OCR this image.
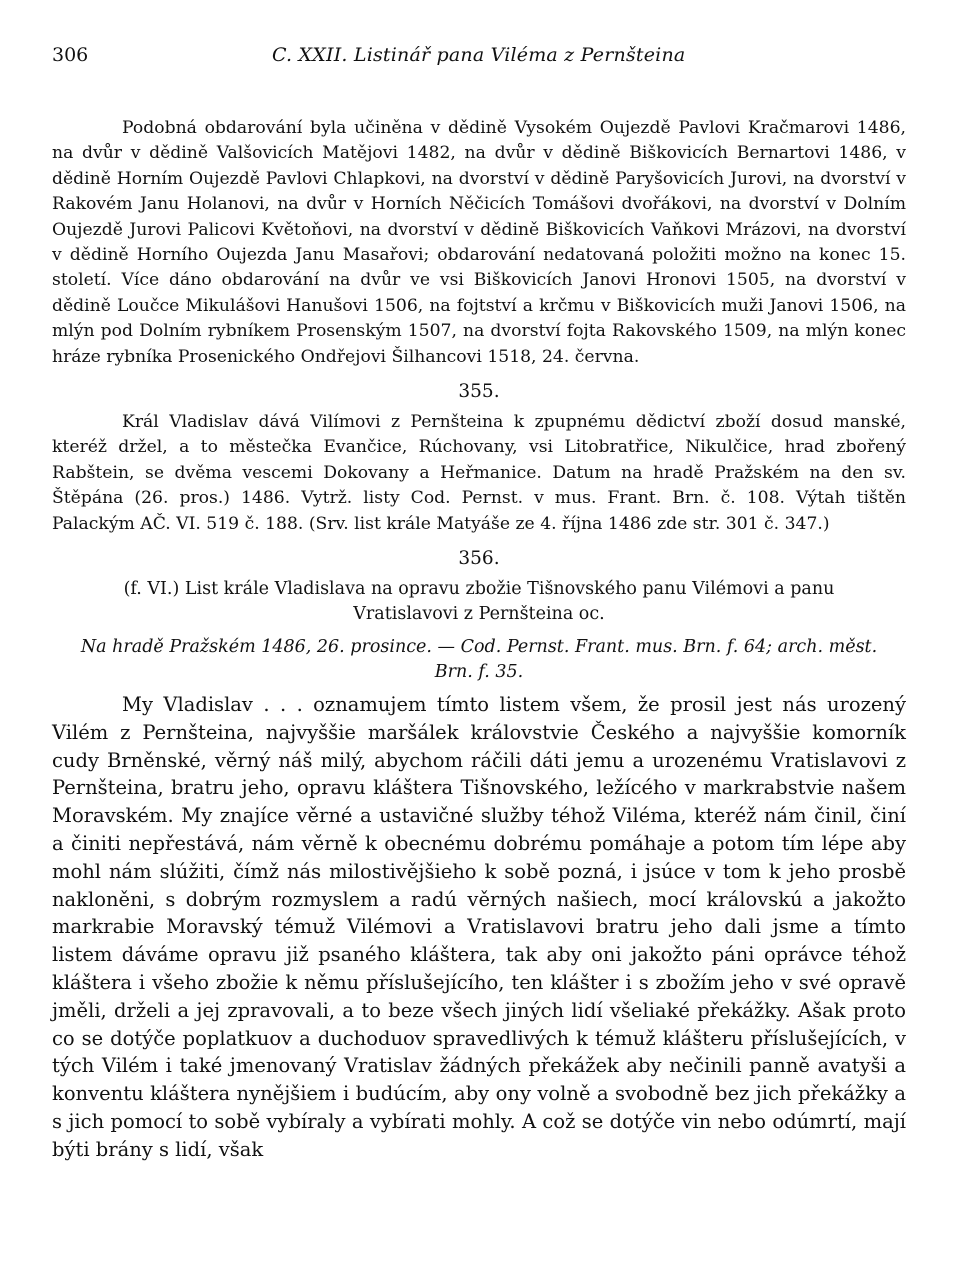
306	C. XXII. Listinář pana Viléma z Pernšteina

Podobná obdarování byla učiněna v dědině Vysokém Oujezdě Pavlovi Kračmarovi 1486, na dvůr v dědině Valšovicích Matějovi 1482, na dvůr v dědině Biškovicích Bernartovi 1486, v dědině Horním Oujezdě Pavlovi Chlapkovi, na dvorství v dědině Paryšovicích Jurovi, na dvorství v Rakovém Janu Holanovi, na dvůr v Horních Něčicích Tomášovi dvořákovi, na dvorství v Dolním Oujezdě Jurovi Palicovi Květoňovi, na dvorství v dědině Biškovicích Vaňkovi Mrázovi, na dvorství v dědině Horního Oujezda Janu Masařovi; obdarování nedatovaná položiti možno na konec 15. století. Více dáno obdarování na dvůr ve vsi Biškovicích Janovi Hronovi 1505, na dvorství v dědině Loučce Mikulášovi Hanušovi 1506, na fojtství a krčmu v Biškovicích muži Janovi 1506, na mlýn pod Dolním rybníkem Prosenským 1507, na dvorství fojta Rakovského 1509, na mlýn konec hráze rybníka Prosenického Ondřejovi Šilhancovi 1518, 24. června.

355.

Král Vladislav dává Vilímovi z Pernšteina k zpupnému dědictví zboží dosud manské, kteréž držel, a to městečka Evančice, Rúchovany, vsi Litobratřice, Nikulčice, hrad zbořený Rabštein, se dvěma vescemi Dokovany a Heřmanice. Datum na hradě Pražském na den sv. Štěpána (26. pros.) 1486. Vytrž. listy Cod. Pernst. v mus. Frant. Brn. č. 108. Výtah tištěn Palackým AČ. VI. 519 č. 188. (Srv. list krále Matyáše ze 4. října 1486 zde str. 301 č. 347.)

356.

(f. VI.) List krále Vladislava na opravu zbožie Tišnovského panu Vilémovi a panu

Vratislavovi z Pernšteina oc.

Na hradě Pražském 1486, 26. prosince. — Cod. Pernst. Frant. mus. Brn. f. 64; arch. měst.

Brn. f. 35.

My Vladislav . . . oznamujem tímto listem všem, že prosil jest nás urozený Vilém z Pernšteina, najvyššie maršálek královstvie Českého a najvyššie komorník cudy Brněnské, věrný náš milý, abychom ráčili dáti jemu a urozenému Vratislavovi z Pernšteina, bratru jeho, opravu kláštera Tišnovského, ležícého v markrabstvie našem Moravském. My znajíce věrné a ustavičné služby téhož Viléma, kteréž nám činil, činí a činiti nepřestává, nám věrně k obecnému dobrému pomáhaje a potom tím lépe aby mohl nám slúžiti, čímž nás milostivějšieho k sobě pozná, i jsúce v tom k jeho prosbě nakloněni, s dobrým rozmyslem a radú věrných našiech, mocí královskú a jakožto markrabie Moravský témuž Vilémovi a Vratislavovi bratru jeho dali jsme a tímto listem dáváme opravu již psaného kláštera, tak aby oni jakožto páni oprávce téhož kláštera i všeho zbožie k němu příslušejícího, ten klášter i s zbožím jeho v své opravě jměli, drželi a jej zpravovali, a to beze všech jiných lidí všeliaké překážky. Ašak proto co se dotýče poplatkuov a duchoduov spravedlivých k témuž klášteru příslušejících, v tých Vilém i také jmenovaný Vratislav žádných překážek aby nečinili panně avatyši a konventu kláštera nynějšiem i budúcím, aby ony volně a svobodně bez jich překážky a s jich pomocí to sobě vybíraly a vybírati mohly. A což se dotýče vin nebo odúmrtí, mají býti brány s lidí, však
